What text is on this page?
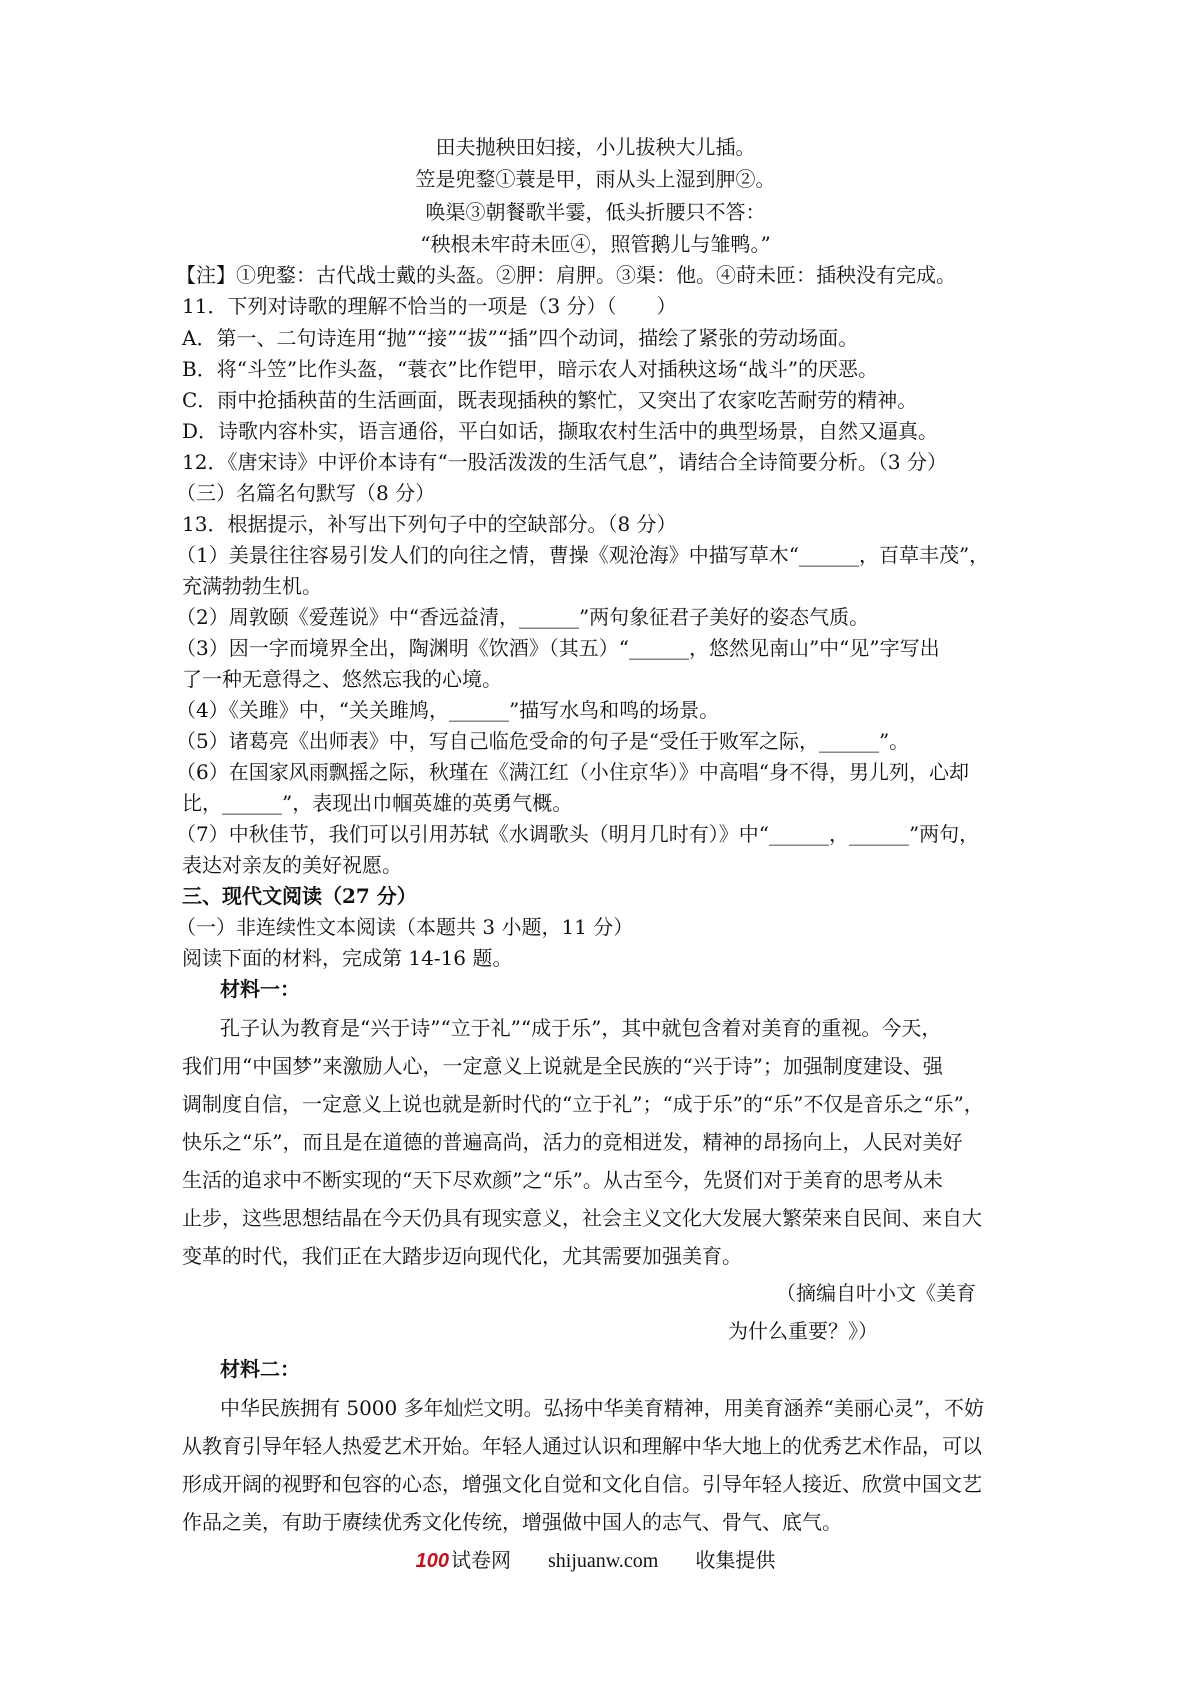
田夫抛秧田妇接，小儿拔秧大儿插。
笠是兜鍪①蓑是甲，雨从头上湿到胛②。
唤渠③朝餐歌半霎，低头折腰只不答：
“秧根未牢莳未匝④，照管鹅儿与雏鸭。”
【注】①兜鍪：古代战士戴的头盔。②胛：肩胛。③渠：他。④莳未匝：插秧没有完成。
11．下列对诗歌的理解不恰当的一项是（3 分）（　　）
A．第一、二句诗连用“抛”“接”“拔”“插”四个动词，描绘了紧张的劳动场面。
B．将“斗笠”比作头盔，“蓑衣”比作铠甲，暗示农人对插秧这场“战斗”的厌恶。
C．雨中抢插秧苗的生活画面，既表现插秧的繁忙，又突出了农家吃苦耐劳的精神。
D．诗歌内容朴实，语言通俗，平白如话，撷取农村生活中的典型场景，自然又逼真。
12．《唐宋诗》中评价本诗有“一股活泼泼的生活气息”，请结合全诗简要分析。（3 分）
（三）名篇名句默写（8 分）
13．根据提示，补写出下列句子中的空缺部分。（8 分）
（1）美景往往容易引发人们的向往之情，曹操《观沧海》中描写草木“______，百草丰茂”，
充满勃勃生机。
（2）周敦颐《爱莲说》中“香远益清，______”两句象征君子美好的姿态气质。
（3）因一字而境界全出，陶渊明《饮酒》（其五）“______，悠然见南山”中“见”字写出
了一种无意得之、悠然忘我的心境。
（4）《关雎》中，“关关雎鸠，______”描写水鸟和鸣的场景。
（5）诸葛亮《出师表》中，写自己临危受命的句子是“受任于败军之际，______”。
（6）在国家风雨飘摇之际，秋瑾在《满江红（小住京华）》中高唱“身不得，男儿列，心却
比，______”，表现出巾帼英雄的英勇气概。
（7）中秋佳节，我们可以引用苏轼《水调歌头（明月几时有）》中“______，______”两句，
表达对亲友的美好祝愿。
三、现代文阅读（27 分）
（一）非连续性文本阅读（本题共 3 小题，11 分）
阅读下面的材料，完成第 14-16 题。
材料一：
孔子认为教育是“兴于诗”“立于礼”“成于乐”，其中就包含着对美育的重视。今天，
我们用“中国梦”来激励人心，一定意义上说就是全民族的“兴于诗”；加强制度建设、强
调制度自信，一定意义上说也就是新时代的“立于礼”；“成于乐”的“乐”不仅是音乐之“乐”，
快乐之“乐”，而且是在道德的普遍高尚，活力的竞相迸发，精神的昂扬向上，人民对美好
生活的追求中不断实现的“天下尽欢颜”之“乐”。从古至今，先贤们对于美育的思考从未
止步，这些思想结晶在今天仍具有现实意义，社会主义文化大发展大繁荣来自民间、来自大
变革的时代，我们正在大踏步迈向现代化，尤其需要加强美育。
（摘编自叶小文《美育
为什么重要？》）
材料二：
中华民族拥有 5000 多年灿烂文明。弘扬中华美育精神，用美育涵养“美丽心灵”，不妨
从教育引导年轻人热爱艺术开始。年轻人通过认识和理解中华大地上的优秀艺术作品，可以
形成开阔的视野和包容的心态，增强文化自觉和文化自信。引导年轻人接近、欣赏中国文艺
作品之美，有助于赓续优秀文化传统，增强做中国人的志气、骨气、底气。
100 试卷网 shijuanw.com 收集提供
